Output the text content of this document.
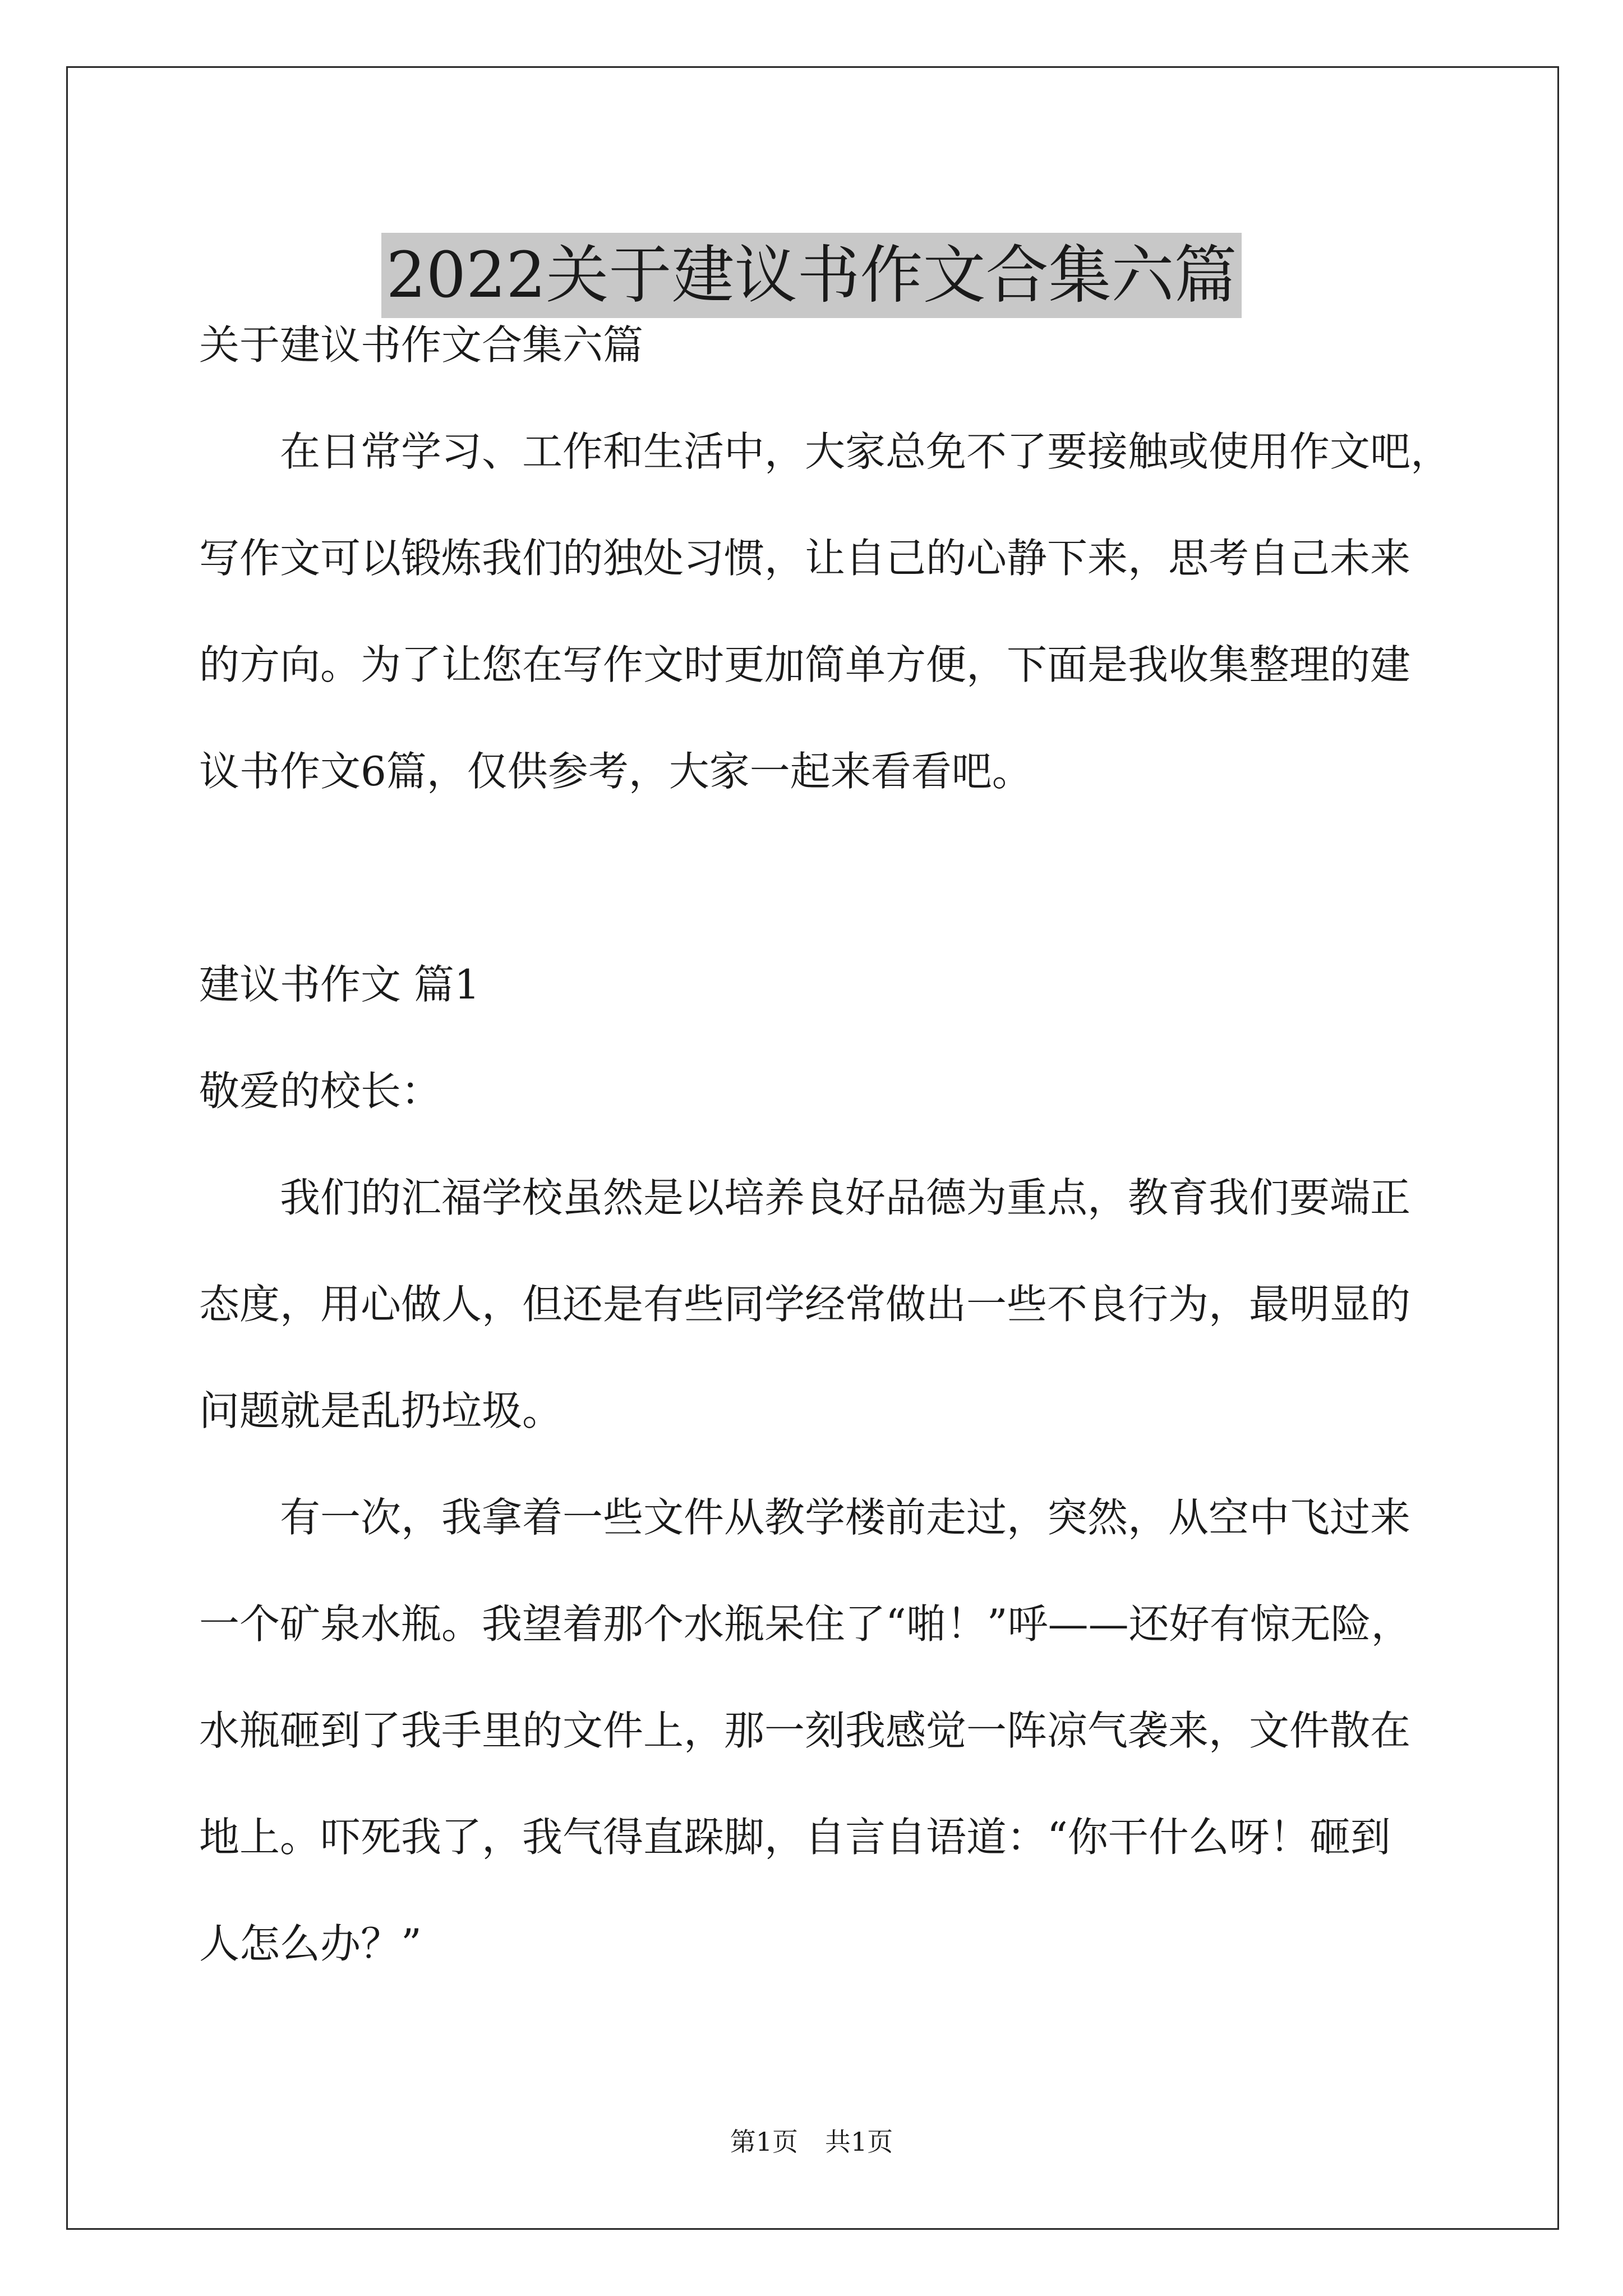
2022关于建议书作文合集六篇

关于建议书作文合集六篇

在日常学习、工作和生活中，大家总免不了要接触或使用作文吧，

写作文可以锻炼我们的独处习惯，让自己的心静下来，思考自己未来

的方向。为了让您在写作文时更加简单方便，下面是我收集整理的建

议书作文6篇，仅供参考，大家一起来看看吧。

建议书作文 篇1

敬爱的校长：

我们的汇福学校虽然是以培养良好品德为重点，教育我们要端正

态度，用心做人，但还是有些同学经常做出一些不良行为，最明显的

问题就是乱扔垃圾。

有一次，我拿着一些文件从教学楼前走过，突然，从空中飞过来

一个矿泉水瓶。我望着那个水瓶呆住了“啪！”呼——还好有惊无险，

水瓶砸到了我手里的文件上，那一刻我感觉一阵凉气袭来，文件散在

地上。吓死我了，我气得直跺脚，自言自语道：“你干什么呀！砸到

人怎么办？”

第1页 共1页
